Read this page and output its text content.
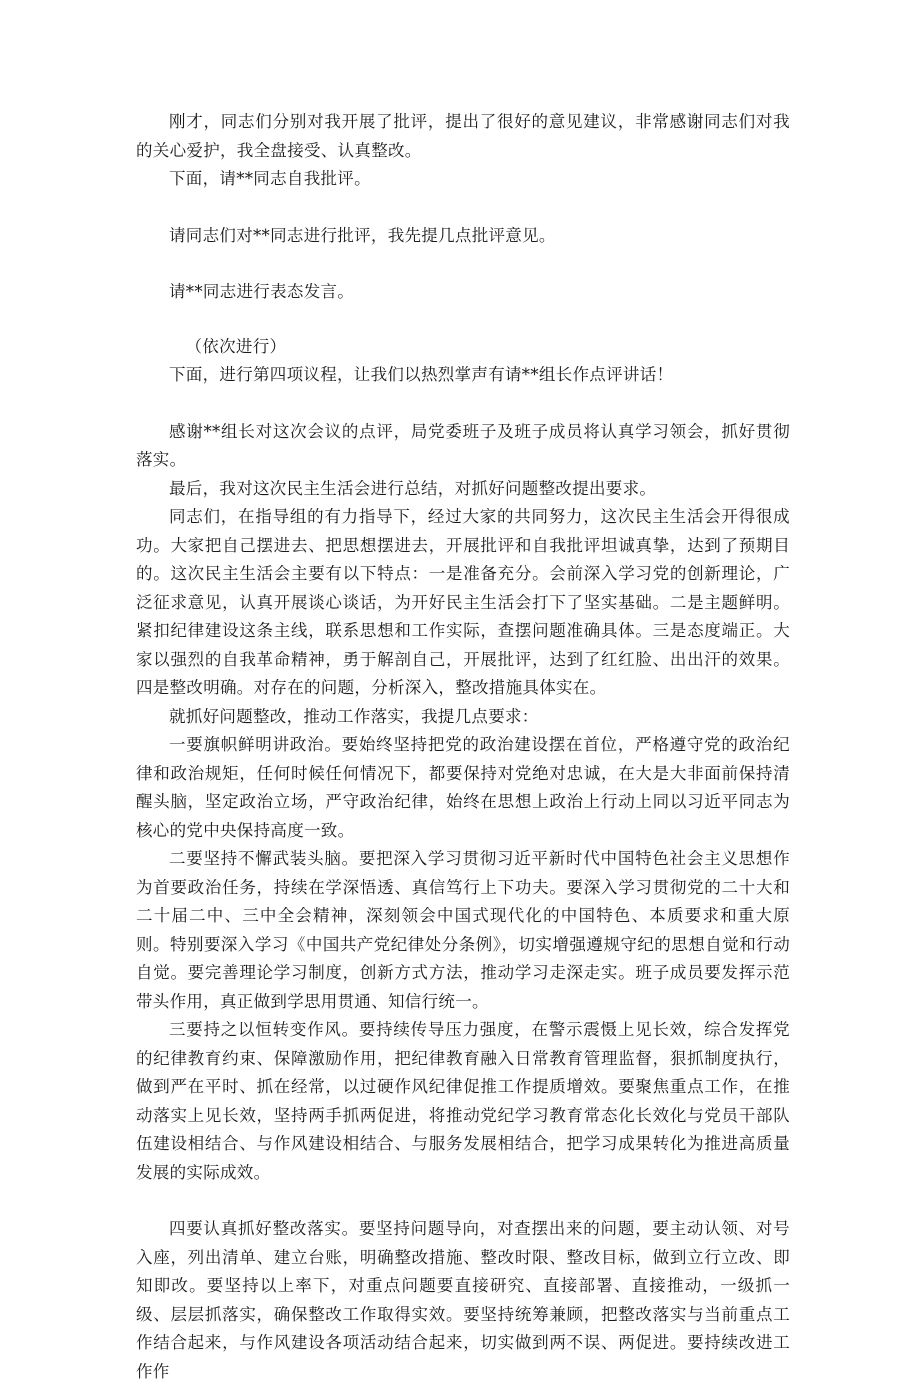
刚才，同志们分别对我开展了批评，提出了很好的意见建议，非常感谢同志们对我的关心爱护，我全盘接受、认真整改。

下面，请**同志自我批评。

请同志们对**同志进行批评，我先提几点批评意见。

请**同志进行表态发言。

（依次进行）

下面，进行第四项议程，让我们以热烈掌声有请**组长作点评讲话！

感谢**组长对这次会议的点评，局党委班子及班子成员将认真学习领会，抓好贯彻落实。

最后，我对这次民主生活会进行总结，对抓好问题整改提出要求。

同志们，在指导组的有力指导下，经过大家的共同努力，这次民主生活会开得很成功。大家把自己摆进去、把思想摆进去，开展批评和自我批评坦诚真挚，达到了预期目的。这次民主生活会主要有以下特点：一是准备充分。会前深入学习党的创新理论，广泛征求意见，认真开展谈心谈话，为开好民主生活会打下了坚实基础。二是主题鲜明。紧扣纪律建设这条主线，联系思想和工作实际，查摆问题准确具体。三是态度端正。大家以强烈的自我革命精神，勇于解剖自己，开展批评，达到了红红脸、出出汗的效果。四是整改明确。对存在的问题，分析深入，整改措施具体实在。

就抓好问题整改，推动工作落实，我提几点要求：

一要旗帜鲜明讲政治。要始终坚持把党的政治建设摆在首位，严格遵守党的政治纪律和政治规矩，任何时候任何情况下，都要保持对党绝对忠诚，在大是大非面前保持清醒头脑，坚定政治立场，严守政治纪律，始终在思想上政治上行动上同以习近平同志为核心的党中央保持高度一致。

二要坚持不懈武装头脑。要把深入学习贯彻习近平新时代中国特色社会主义思想作为首要政治任务，持续在学深悟透、真信笃行上下功夫。要深入学习贯彻党的二十大和二十届二中、三中全会精神，深刻领会中国式现代化的中国特色、本质要求和重大原则。特别要深入学习《中国共产党纪律处分条例》，切实增强遵规守纪的思想自觉和行动自觉。要完善理论学习制度，创新方式方法，推动学习走深走实。班子成员要发挥示范带头作用，真正做到学思用贯通、知信行统一。

三要持之以恒转变作风。要持续传导压力强度，在警示震慑上见长效，综合发挥党的纪律教育约束、保障激励作用，把纪律教育融入日常教育管理监督，狠抓制度执行，做到严在平时、抓在经常，以过硬作风纪律促推工作提质增效。要聚焦重点工作，在推动落实上见长效，坚持两手抓两促进，将推动党纪学习教育常态化长效化与党员干部队伍建设相结合、与作风建设相结合、与服务发展相结合，把学习成果转化为推进高质量发展的实际成效。

四要认真抓好整改落实。要坚持问题导向，对查摆出来的问题，要主动认领、对号入座，列出清单、建立台账，明确整改措施、整改时限、整改目标，做到立行立改、即知即改。要坚持以上率下，对重点问题要直接研究、直接部署、直接推动，一级抓一级、层层抓落实，确保整改工作取得实效。要坚持统筹兼顾，把整改落实与当前重点工作结合起来，与作风建设各项活动结合起来，切实做到两不误、两促进。要持续改进工作作
